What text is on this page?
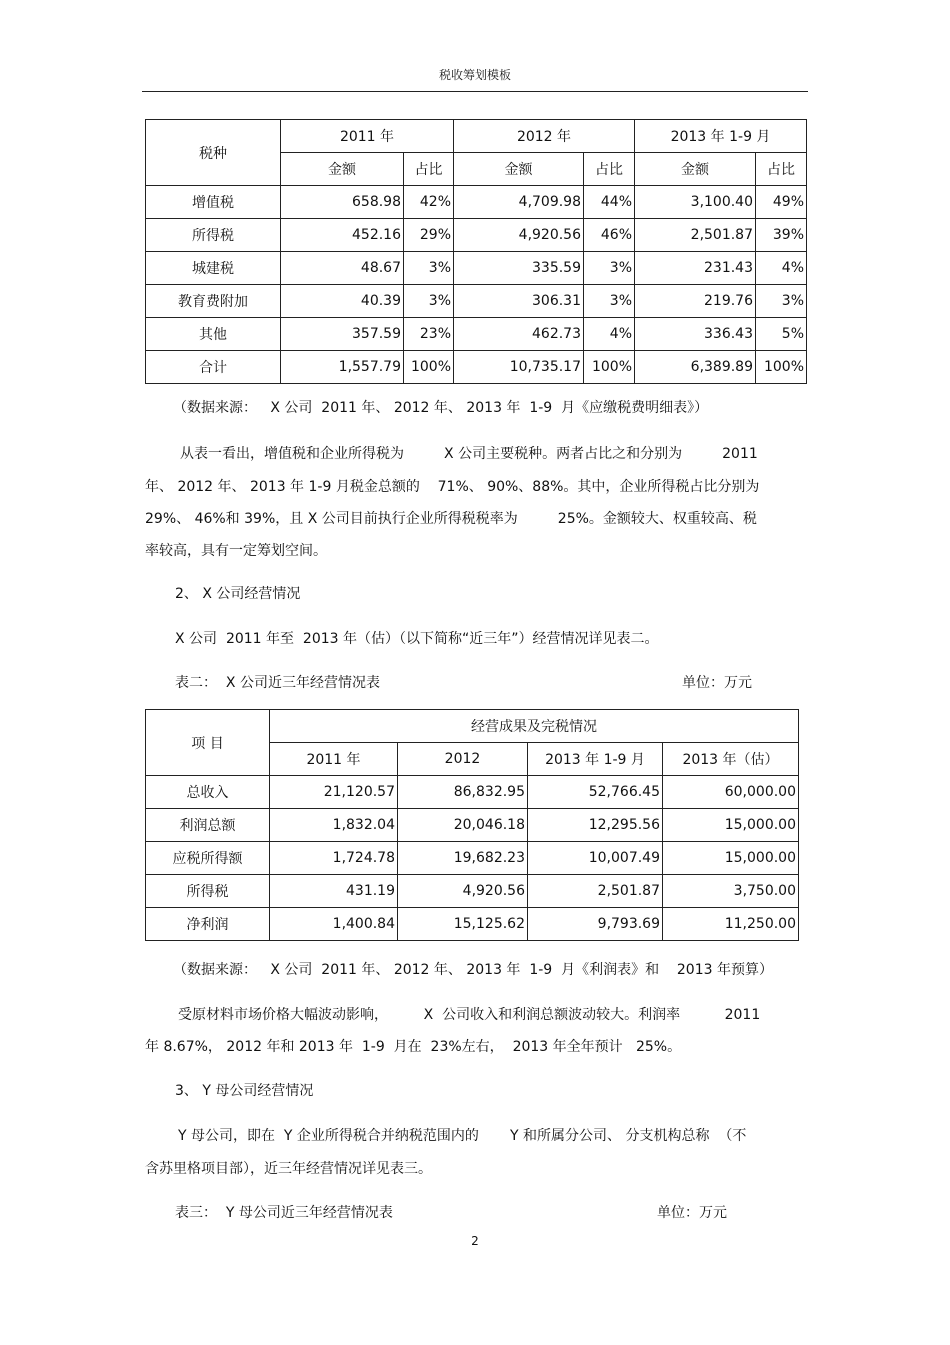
税收筹划模板
税种	2011 年		2012 年		2013 年 1-9 月	
	金额	占比	金额	占比	金额	占比
增值税	658.98	42%	4,709.98	44%	3,100.40	49%
所得税	452.16	29%	4,920.56	46%	2,501.87	39%
城建税	48.67	3%	335.59	3%	231.43	4%
教育费附加	40.39	3%	306.31	3%	219.76	3%
其他	357.59	23%	462.73	4%	336.43	5%
合计	1,557.79	100%	10,735.17	100%	6,389.89	100%
（数据来源：   X 公司  2011 年、 2012 年、 2013 年  1-9  月《应缴税费明细表》）
从表一看出，增值税和企业所得税为         X 公司主要税种。两者占比之和分别为         2011
年、 2012 年、 2013 年 1-9 月税金总额的    71%、 90%、88%。其中，企业所得税占比分别为
29%、 46%和 39%，且 X 公司目前执行企业所得税税率为         25%。金额较大、权重较高、税
率较高，具有一定筹划空间。
2、 X 公司经营情况
X 公司  2011 年至  2013 年（估）（以下简称“近三年”）经营情况详见表二。
表二：  X 公司近三年经营情况表	单位：万元
项 目	经营成果及完税情况			
	2011 年	2012	2013 年 1-9 月	2013 年（估）
总收入	21,120.57	86,832.95	52,766.45	60,000.00
利润总额	1,832.04	20,046.18	12,295.56	15,000.00
应税所得额	1,724.78	19,682.23	10,007.49	15,000.00
所得税	431.19	4,920.56	2,501.87	3,750.00
净利润	1,400.84	15,125.62	9,793.69	11,250.00
（数据来源：   X 公司  2011 年、 2012 年、 2013 年  1-9  月《利润表》和    2013 年预算）
受原材料市场价格大幅波动影响，        X  公司收入和利润总额波动较大。利润率          2011
年 8.67%， 2012 年和 2013 年  1-9  月在  23%左右，  2013 年全年预计   25%。
3、 Y 母公司经营情况
Y 母公司，即在  Y 企业所得税合并纳税范围内的       Y 和所属分公司、 分支机构总称  （不
含苏里格项目部），近三年经营情况详见表三。
表三：  Y 母公司近三年经营情况表	单位：万元
2
